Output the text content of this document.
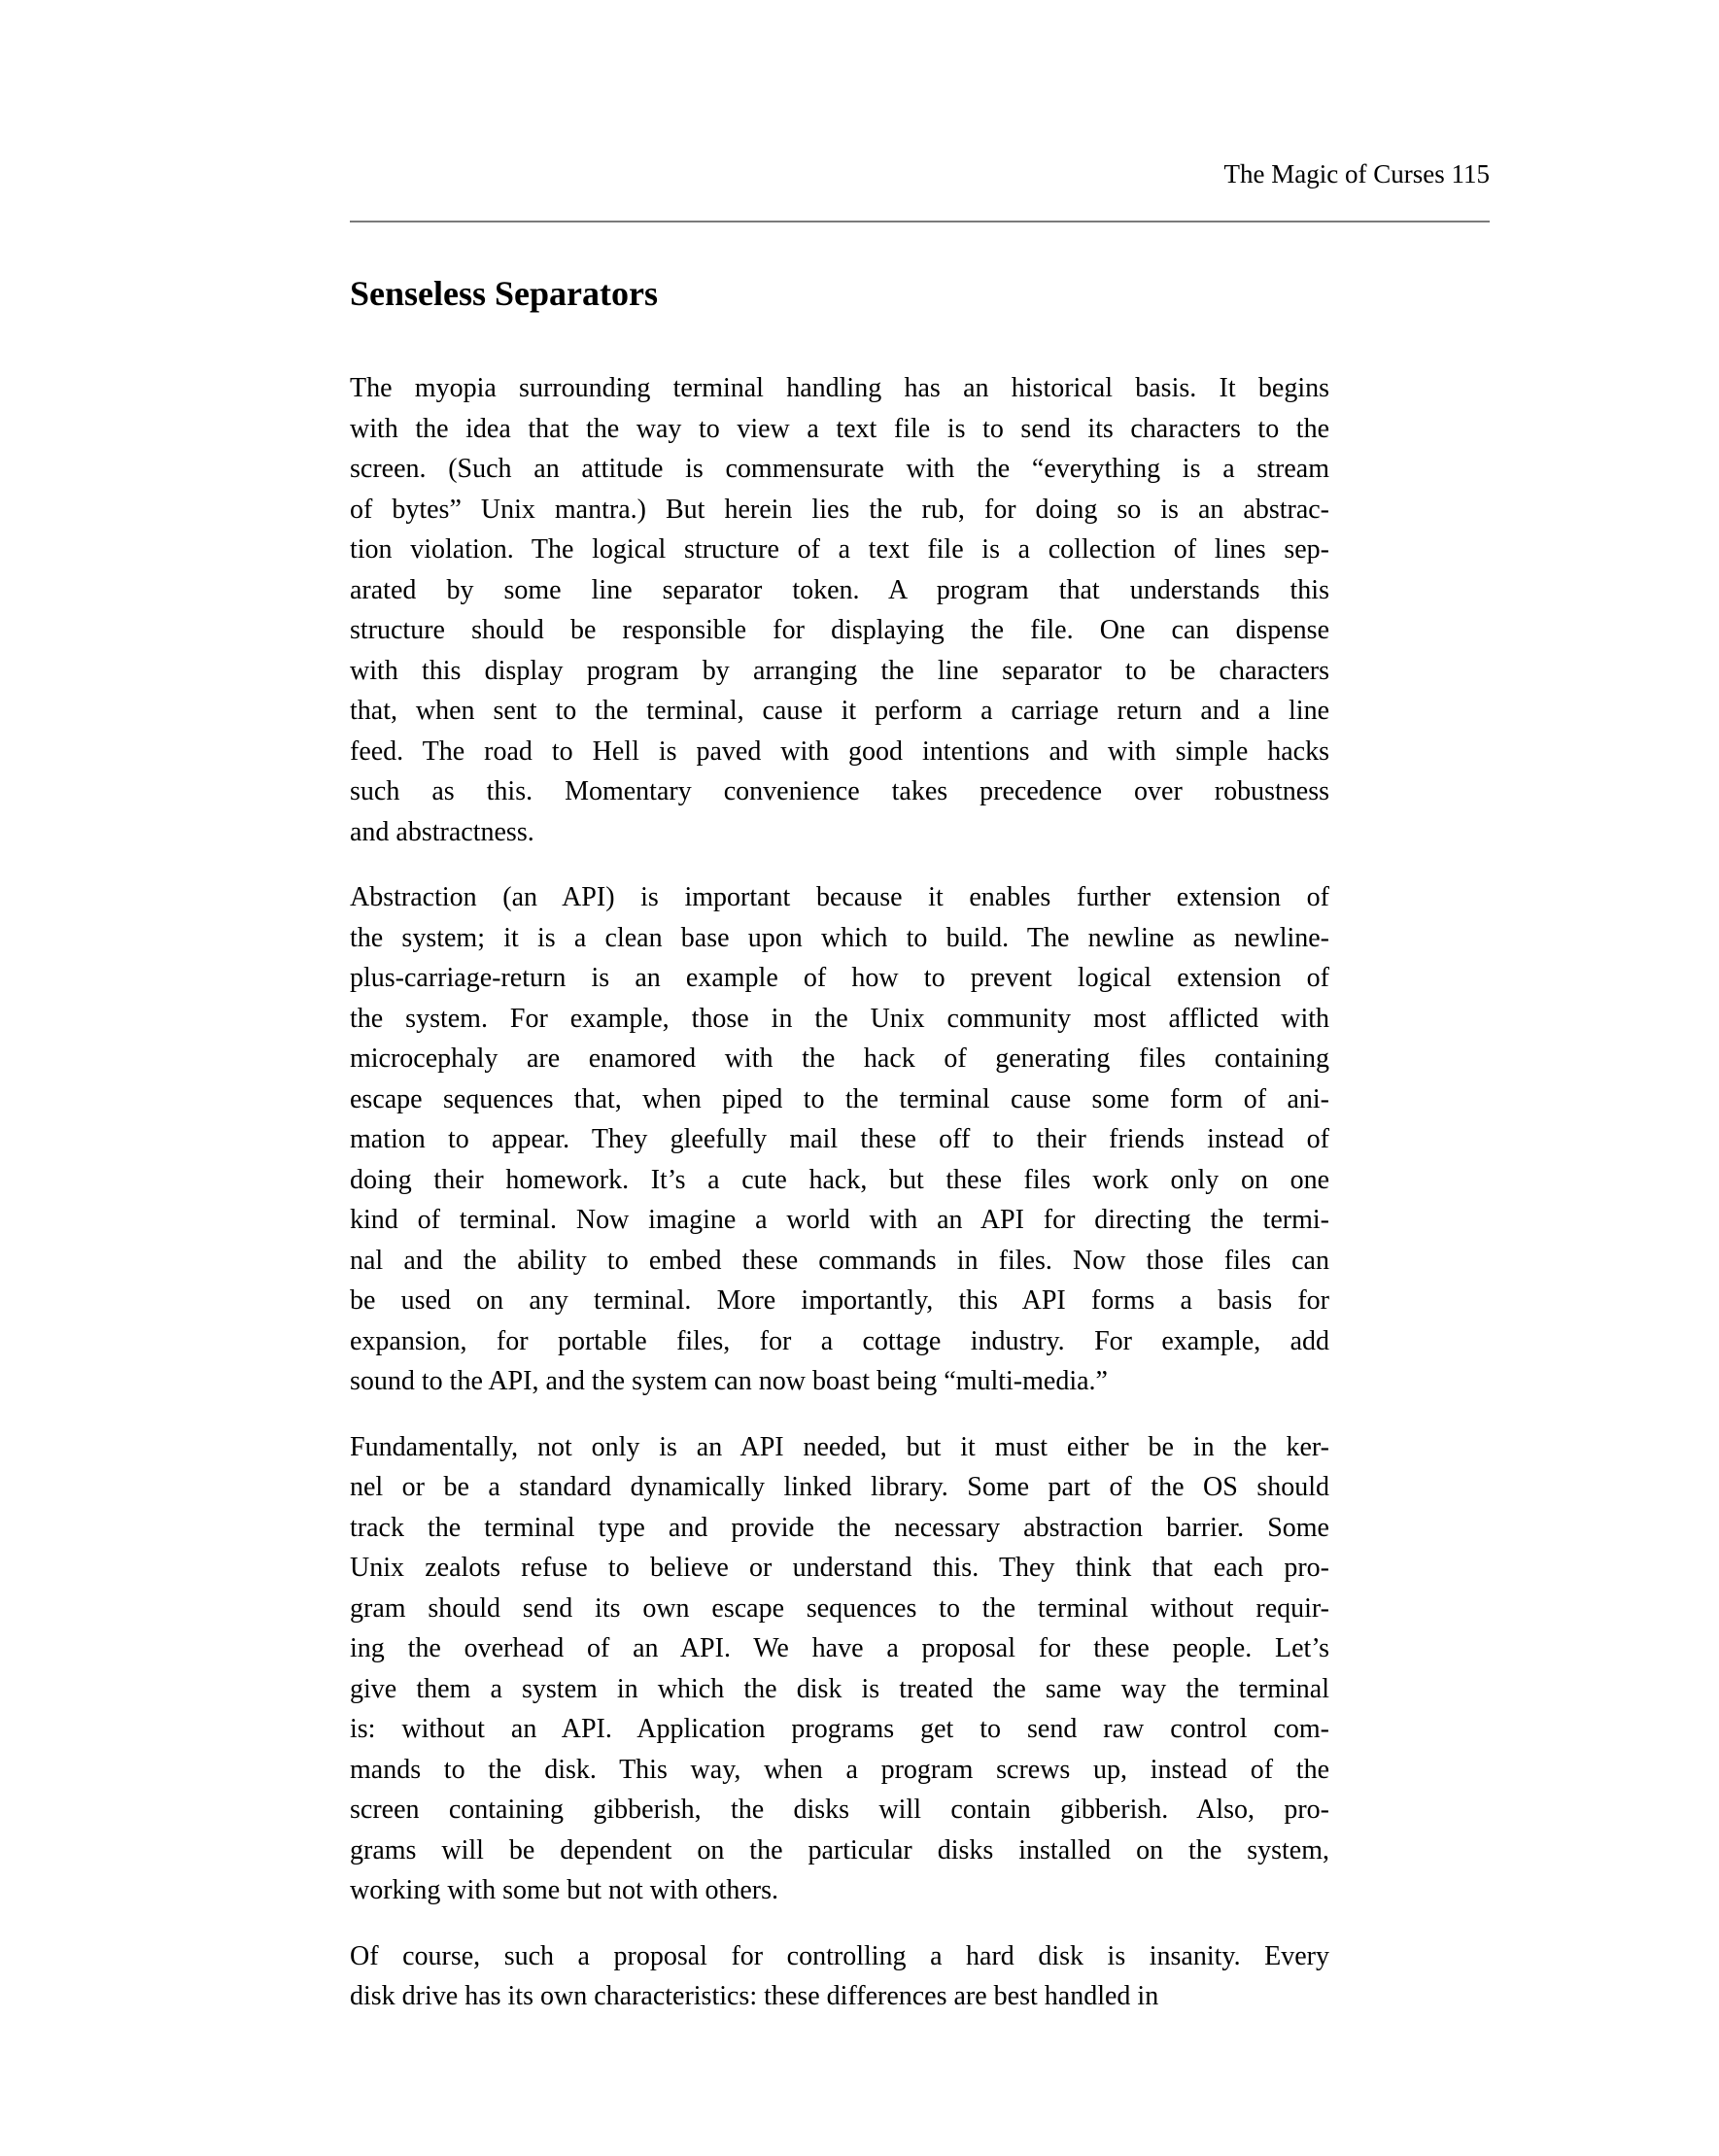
The Magic of Curses 115
Senseless Separators
The myopia surrounding terminal handling has an historical basis. It begins
with the idea that the way to view a text file is to send its characters to the
screen. (Such an attitude is commensurate with the “everything is a stream
of bytes” Unix mantra.) But herein lies the rub, for doing so is an abstrac-
tion violation. The logical structure of a text file is a collection of lines sep-
arated by some line separator token. A program that understands this
structure should be responsible for displaying the file. One can dispense
with this display program by arranging the line separator to be characters
that, when sent to the terminal, cause it perform a carriage return and a line
feed. The road to Hell is paved with good intentions and with simple hacks
such as this. Momentary convenience takes precedence over robustness
and abstractness.
Abstraction (an API) is important because it enables further extension of
the system; it is a clean base upon which to build. The newline as newline-
plus-carriage-return is an example of how to prevent logical extension of
the system. For example, those in the Unix community most afflicted with
microcephaly are enamored with the hack of generating files containing
escape sequences that, when piped to the terminal cause some form of ani-
mation to appear. They gleefully mail these off to their friends instead of
doing their homework. It’s a cute hack, but these files work only on one
kind of terminal. Now imagine a world with an API for directing the termi-
nal and the ability to embed these commands in files. Now those files can
be used on any terminal. More importantly, this API forms a basis for
expansion, for portable files, for a cottage industry. For example, add
sound to the API, and the system can now boast being “multi-media.”
Fundamentally, not only is an API needed, but it must either be in the ker-
nel or be a standard dynamically linked library. Some part of the OS should
track the terminal type and provide the necessary abstraction barrier. Some
Unix zealots refuse to believe or understand this. They think that each pro-
gram should send its own escape sequences to the terminal without requir-
ing the overhead of an API. We have a proposal for these people. Let’s
give them a system in which the disk is treated the same way the terminal
is: without an API. Application programs get to send raw control com-
mands to the disk. This way, when a program screws up, instead of the
screen containing gibberish, the disks will contain gibberish. Also, pro-
grams will be dependent on the particular disks installed on the system,
working with some but not with others.
Of course, such a proposal for controlling a hard disk is insanity. Every
disk drive has its own characteristics: these differences are best handled in
